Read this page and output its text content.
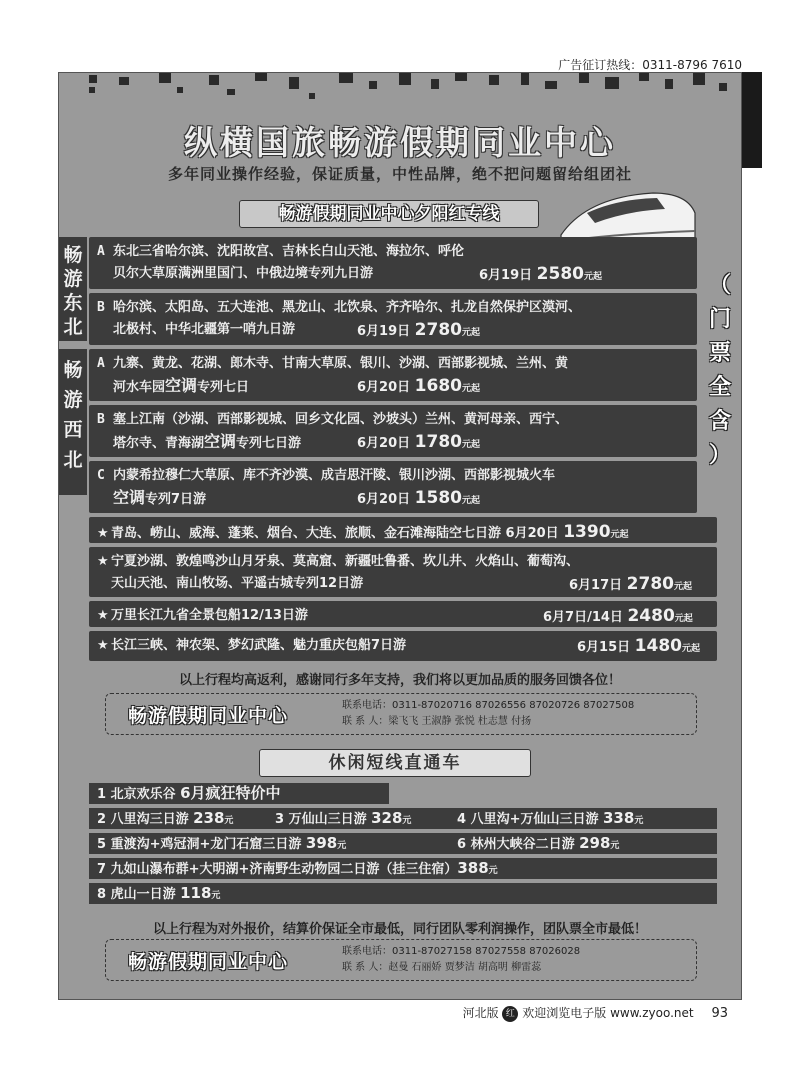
广告征订热线：0311-8796 7610
纵横国旅畅游假期同业中心
多年同业操作经验，保证质量，中性品牌，绝不把问题留给组团社
畅游假期同业中心夕阳红专线
畅
游
东
北
畅
游
西
北
（
门
票
全
含
）
A 东北三省哈尔滨、沈阳故宫、吉林长白山天池、海拉尔、呼伦
贝尔大草原满洲里国门、中俄边境专列九日游	6月19日 2580元起
B 哈尔滨、太阳岛、五大连池、黑龙山、北饮泉、齐齐哈尔、扎龙自然保护区漠河、
北极村、中华北疆第一哨九日游	6月19日 2780元起
A 九寨、黄龙、花湖、郎木寺、甘南大草原、银川、沙湖、西部影视城、兰州、黄
河水车园空调专列七日	6月20日 1680元起
B 塞上江南（沙湖、西部影视城、回乡文化园、沙坡头）兰州、黄河母亲、西宁、
塔尔寺、青海湖空调专列七日游	6月20日 1780元起
C 内蒙希拉穆仁大草原、库不齐沙漠、成吉思汗陵、银川沙湖、西部影视城火车
空调专列7日游	6月20日 1580元起
★ 青岛、崂山、威海、蓬莱、烟台、大连、旅顺、金石滩海陆空七日游 6月20日 1390元起
★ 宁夏沙湖、敦煌鸣沙山月牙泉、莫高窟、新疆吐鲁番、坎儿井、火焰山、葡萄沟、
天山天池、南山牧场、平遥古城专列12日游	6月17日 2780元起
★ 万里长江九省全景包船12/13日游	6月7日/14日 2480元起
★ 长江三峡、神农架、梦幻武隆、魅力重庆包船7日游	6月15日 1480元起
以上行程均高返利，感谢同行多年支持，我们将以更加品质的服务回馈各位！
畅游假期同业中心	联系电话：0311-87020716 87026556 87020726 87027508
联 系 人：梁飞飞 王淑静 张悦 杜志慧 付扬
休闲短线直通车
1 北京欢乐谷 6月疯狂特价中
2 八里沟三日游 238元	3 万仙山三日游 328元	4 八里沟+万仙山三日游 338元
5 重渡沟+鸡冠洞+龙门石窟三日游 398元	6 林州大峡谷二日游 298元
7 九如山瀑布群+大明湖+济南野生动物园二日游（挂三住宿）388元
8 虎山一日游 118元
以上行程为对外报价，结算价保证全市最低，同行团队零利润操作，团队票全市最低！
畅游假期同业中心	联系电话：0311-87027158 87027558 87026028
联 系 人：赵曼 石丽娇 贾梦洁 胡高明 柳雷蕊
河北版 红 欢迎浏览电子版 www.zyoo.net 93
